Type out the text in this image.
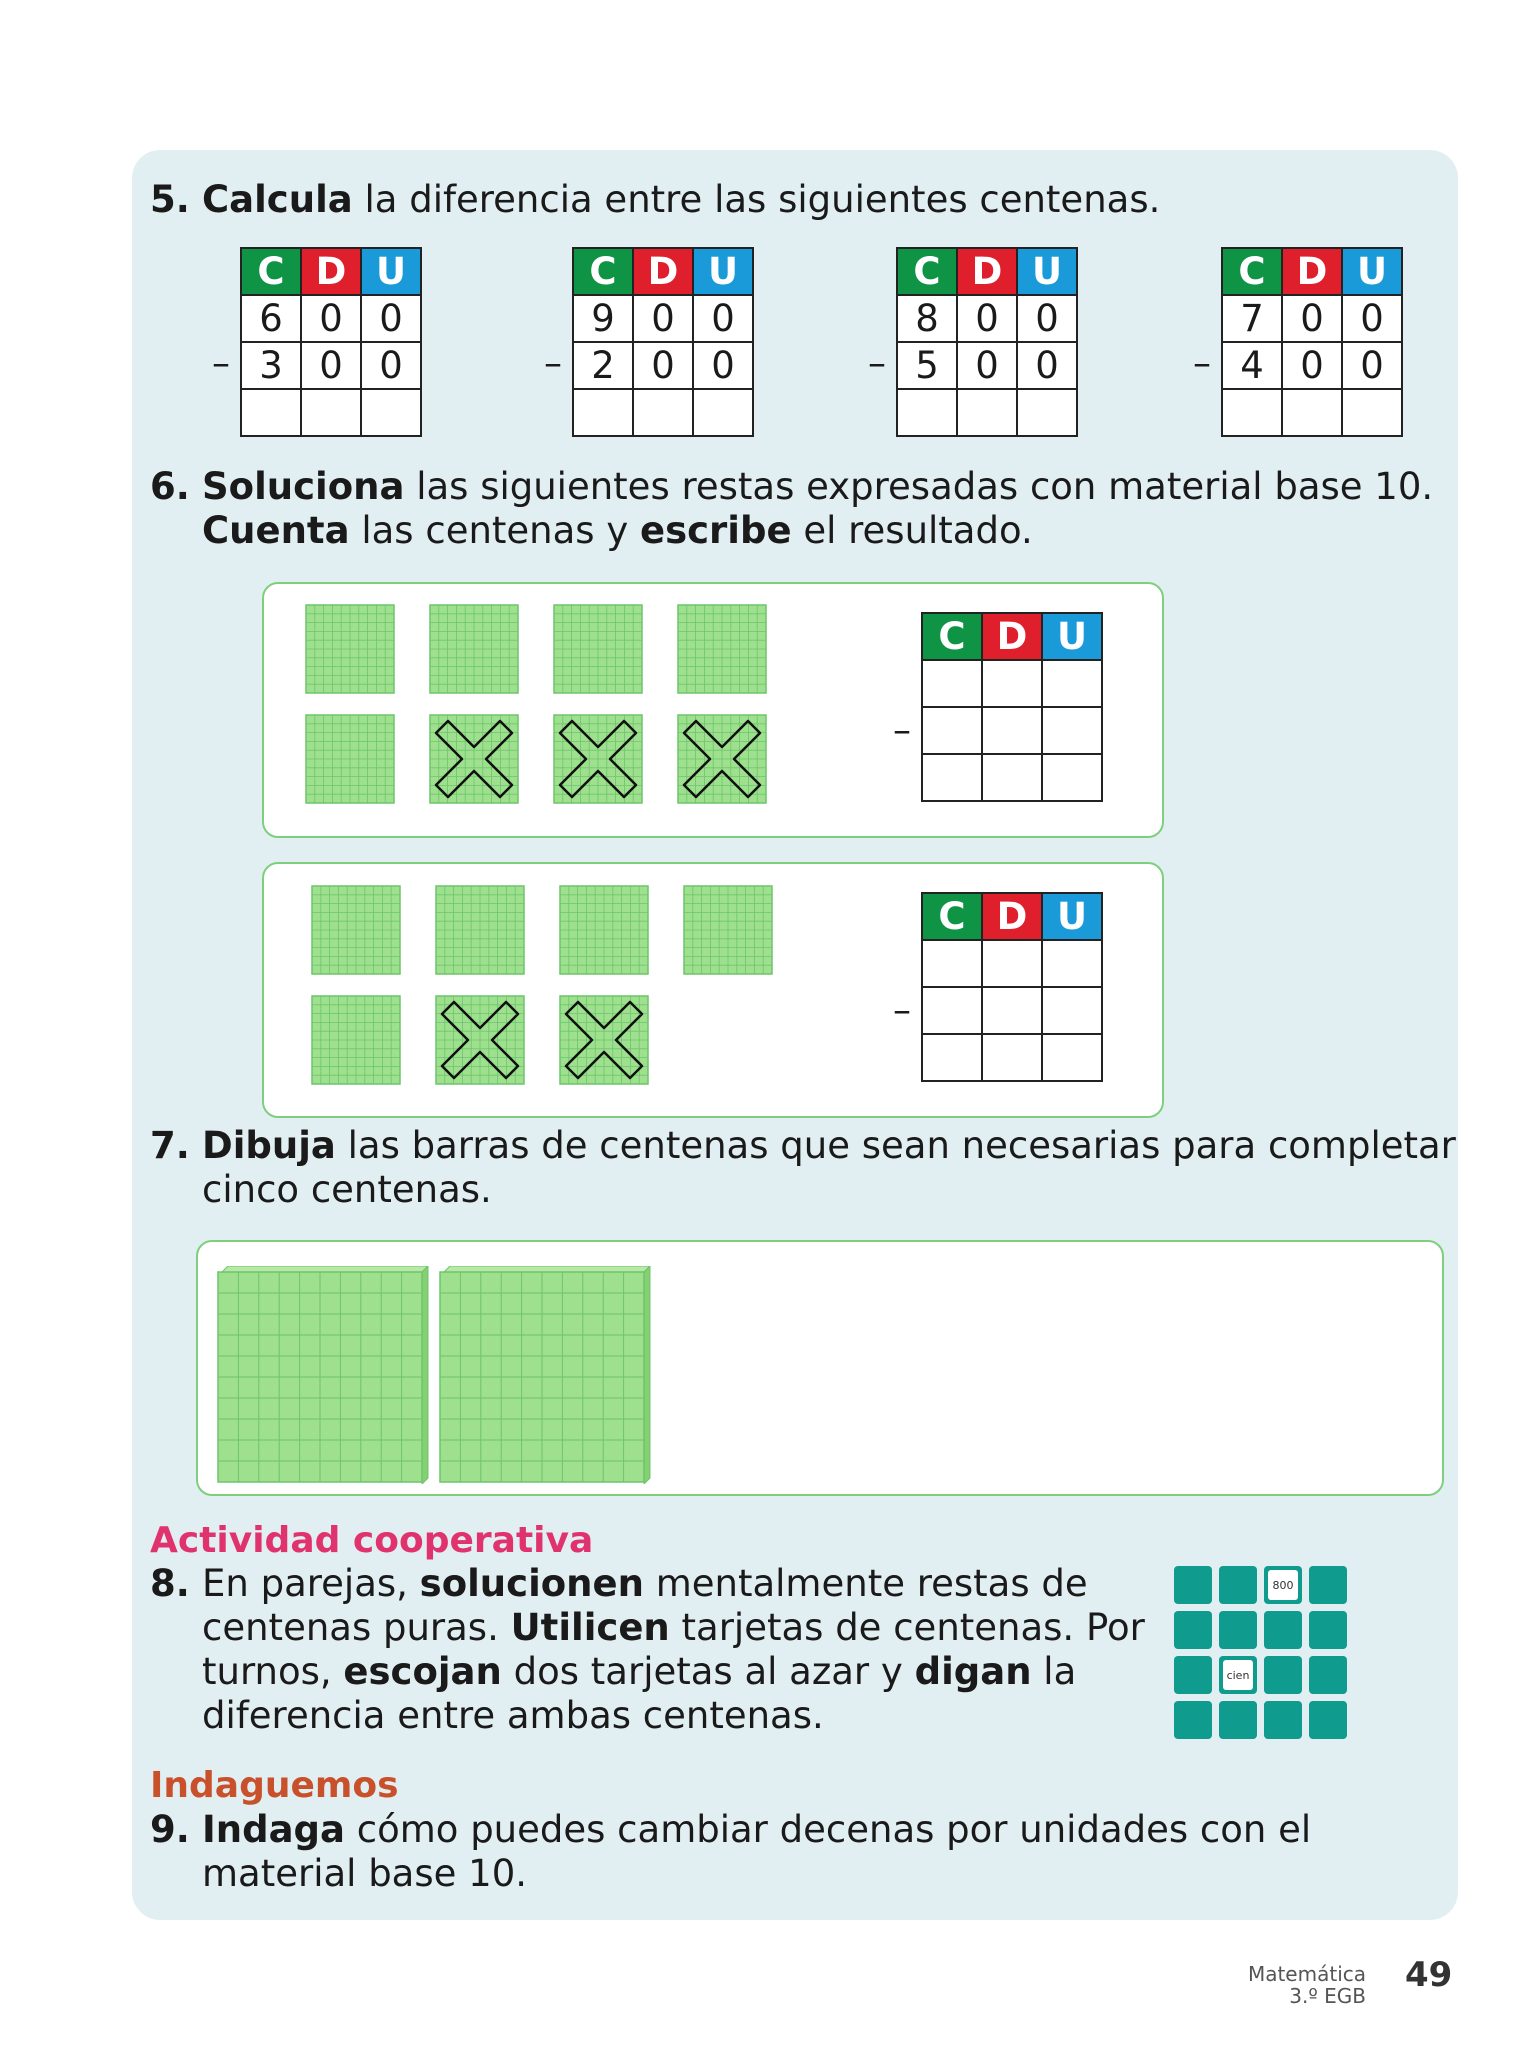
5. Calcula la diferencia entre las siguientes centenas.
6. Soluciona las siguientes restas expresadas con material base 10.
Cuenta las centenas y escribe el resultado.
7. Dibuja las barras de centenas que sean necesarias para completar
cinco centenas.
Actividad cooperativa
8. En parejas, solucionen mentalmente restas de
centenas puras. Utilicen tarjetas de centenas. Por
turnos, escojan dos tarjetas al azar y digan la
diferencia entre ambas centenas.
800
cien
Indaguemos
9. Indaga cómo puedes cambiar decenas por unidades con el
material base 10.
Matemática
3.º EGB
49
C	D	U
6	0	0
3	0	0

–
C	D	U
9	0	0
2	0	0

–
C	D	U
8	0	0
5	0	0

–
C	D	U
7	0	0
4	0	0

–
C	D	U

–
C	D	U

–
